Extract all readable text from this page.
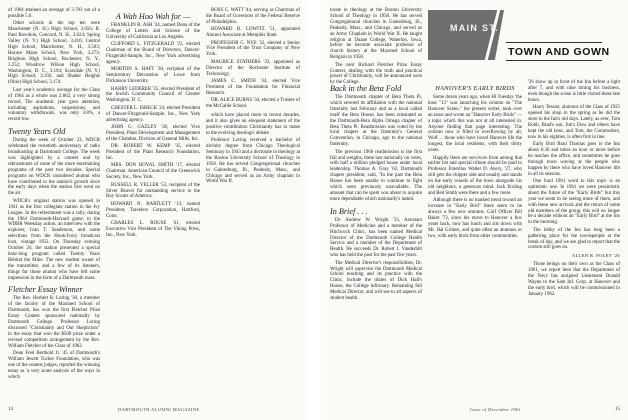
of 1964 attained an average of 3.783 out of a possible 5.0.

Other schools in the top ten were Manchester (N. H.) High School, 3.656; B. Paul Bowdoin, Concord, N. H., 3.624; Spring Valley (N. Y.) High School, 3.416; Central High School, Manchester, N. H., 3.503; Horace Mann School, New York, 3.273; Brighton High School, Rochester, N. Y., 3.252; Woodrow Wilson High School, Washington, D. C., 3.194; Scarsdale (N. Y.) High School, 3.192; and Shaker Heights (Ohio) High School, 3.174.

Last year's academic average for the Class of 1964 as a whole was 2.862, a very strong record. The academic year gave attention, including aspirations, suspensions, and voluntary withdrawals, was only 3.8%, a record low.

Twenty Years Old

During the week of October 23, WDCR celebrated the twentieth anniversary of radio broadcasting at Dartmouth College. The week was highlighted by a contest and by rebroadcasts of some of the more entertaining programs of the past two decades. Special programs on WDCR considered alumni who have contributed to the station's growth since the early days when the station first went on the air.

WDCR's original station was opened in 1941 as the first collegiate station in the Ivy League. In the refreshment was a rally, during the 1964 Dartmouth-Harvard game, to the WDBR Weekday action, an interview with the explorer, Ivan T. Sanderson, and some selections from the Hook-Ivory broadcast host, vintage 1952. On Thursday evening October 26, the station presented a special hour-long program called Twenty Years Behind the Mike. The new student owner of the transmitter, and a few of its listeners, things for those alumni who have left some impression in the form of a Dartmouth mass.

Fletcher Essay Winner

The Rev. Herbert R. Loring '38, a member of the faculty of the Maxmed School of Dartmouth, has won the first Fletcher Prize Essay Contest sponsored nationally by Dartmouth College. Professor Loring discussed "Christianity and Our Skepticism" in the essay that won the $500 prize under a revised competition arrangement by the Rev. William Fletcher of the Class of 1962.

Dean Fred Berthold Jr. '45 of Dartmouth's William Jewett Tucker Foundation, who was one of the contest judges, reported the winning essay as 'a very acute analysis of the ways in which

A Wah Hoo Wah for —

FRANKLIN B. ASH '24, named Dean of the College of Letters and Science of the University of California at Los Angeles.

CLIFFORD L. FITZGERALD '23, elected Chairman of the Board of Directors, Dancer-Fitzgerald-Sample, Inc., New York advertising agency.

MORTON S. HAFT '38, recipient of the Semicentury Decoration of Lowe from Dickinson University.

HARRY LEDERER '35, elected President of the Jewish Community Council of Greater Washington, D. C.

CHESTER L. ISBECK '24, elected President of Dancer-Fitzgerald-Sample, Inc., New York advertising agency.

JOHN G. GAZLEY '38, elected Vice President, Plant Development and Management of the Chamber, Division of General Mills, Inc.

DR. ROBERT W. KEMP '35, elected President of the Plant Research Foundation, Inc.

MRS. DON ROYAL SMITH '17, elected Chairman, American Council of the Greenwich Society, Inc., New York.

RUSSELL R. YELLER '53, recipient of the Silver Beaver for outstanding service to the Boy Scouts of America.

HOWARD N. BARTLETT '13, named President, Travelers Corporation, Hartford, Conn.

CHARLES L. ROUSE '41, elected Executive Vice President of The Viking Press, Inc., New York.

ROSS C. WATT '44, serving as Chairman of the Board of Governors of the Federal Reserve of Philadelphia.

HOWARD B. LOWITZ '51, appointed Alumni Associate at Memphis State.

PROFESSOR C. NYE '32, elected a Senior Vice President of the Trust Company of New York.

MAURICE STATHERS '33, appointed as Director of the Rochester Institute of Technology.

JAMES C. SMITH '34, elected Vice President of the Foundation for Financial Research.

DR. ALICE BURNS '34, elected a Trustee of the McCallie School.

which have placed more in recent decades, and it also gives an eloquent statement of the positive contribution Christianity has to make to the evolving theologic debate.

Professor Loring received a bachelor of divinity degree from Chicago Theological Seminary in 1943 and a doctorate in theology at the Boston University School of Theology in 1958. He has served Congregational churches in Gainesburg, Ill., Peabody, Mass., and Chicago and served as an Army chaplain in World War II.

14	DARTMOUTH ALUMNI MAGAZINE

torate in theology at the Boston University School of Theology in 1958. He has served Congregational churches in Gainesburg, Ill., Peabody, Mass., and Chicago, and served as an Army Chaplain in World War II. He taught religion at Duane College, Waterloo, Iowa, before he become associate professor of church history at the Maxmed School of Religion in 1958.

The next Richard Fletcher Prize Essay Contest, dealing with the truth and practical power of Christianity, will be announced soon by the College.

MAIN ST.
TOWN AND GOWN
Back in the Beta Fold

The Dartmouth chapter of Beta Theta Pi, which severed its affiliation with the national fraternity last February and as a local called itself the Beta House, has been reinstated as the Dartmouth-Beta Alpha Omega chapter of Beta Theta Pi. Readmission was voted by the local chapter at the fraternity's General Convention, in Chicago, ago to the national fraternity.

The previous 1960 readmission is the first full and weights, these last nationally on votes, with half a million pledged house under local leadership. Thomas A. Gray '62, Dartmouth chapter president, said, "In the past the Beta House has been unable to continue to fight which were previously unavailable. The amount that can be spent was about to acquire more dependable which nationally's lasted.

In Brief . . .

Dr. Andrew W. Wright '33, Assistant Professor of Medicine and a member of the Hitchcock Clinic, has been named Medical Director of the Dartmouth College Health Service and a member of the Department of Health. He succeeds Dr. Robert J. Vanderbilt who has held the post for the past five years.

The Medical Director's responsibilities, Dr. Wright will supervise the Dartmouth Medical School teaching and its practice with the Clinic, include the duties of Dick Hall's House, the College infirmary. Remaining full Medical Director, and will see to all aspects of student health.

HANOVER'S EARLY BIRDS

Some dozen years ago, when Hi Tuesday 'the hour "13" was launching his column on "The Hanover Scene," the present writer, took over an issue and wrote an "Hanover Early Birds" — a topic which this was not at all interested in. Anyone finding that page interesting. The column now is filled to overflowing by all, Wolf ... those who have loved Hanover life the longest, the local residents, with their thirty years.

Happily there are survivors from among that earlier list and special tribute should be paid to Professor Emeritus Walter D. Avery, '27, who still gets the chipper side and usually and stands on the early rounds of the town alongside his old neighbors, a generous mind. Jack Eroling and Red Smith were there and a few more.

Although there is no marked trend toward an increase in "Early Bird" there seem to be always a few new entrants. Golf Officer Bill Baker '72, since his move to Hanover a few years back, now has lunch and sits down with Mr. Hal Grimes, and quite often an alumnus or two, with early birds from other communities.

'26 show up in front of the Inn before a light after 7, and with nine timing his business, even though the scene is little visited these late hours.

Harry Tessier, alumnus of the Class of 1925 opened his shop in the spring as he did the store in the Inn's old days. Lately, as ever, Tom Robb, Brad's son, Jim's Dow and others have kept the old hour, and Tom, the Commodore, now in his eighties, is often first in line.

Early Bird Brad Thomas goes to the Inn about 6:30 and tokes an hour or more before he reaches the office, and sometimes he goes through town waving at the people who happen by there who have loved Hanover life in all its seasons.

One fond 1961 word to this topic is an optimistic one. In 1961 we were pessimistic about the future of the "Early Birds" but this year we seem to be seeing more of them, and with these new arrivals and the return of some old members of the group, this will no longer be a decade without an "Early Bird" at the Inn in the morning.

The lobby of the Inn has long been a gathering place for the townspeople at the break of day, and we are glad to report that the custom still goes on.

ALLEN R. FOLEY '20

Those beings on their own as the Class of 1961, we report here that the Department of the Navy has assigned Lieutenant Donald Wayne to the Sam Inf. Corp. at Hanover and the early bird, which will be commissioned in January 1962.

Issue of December 1961	15
